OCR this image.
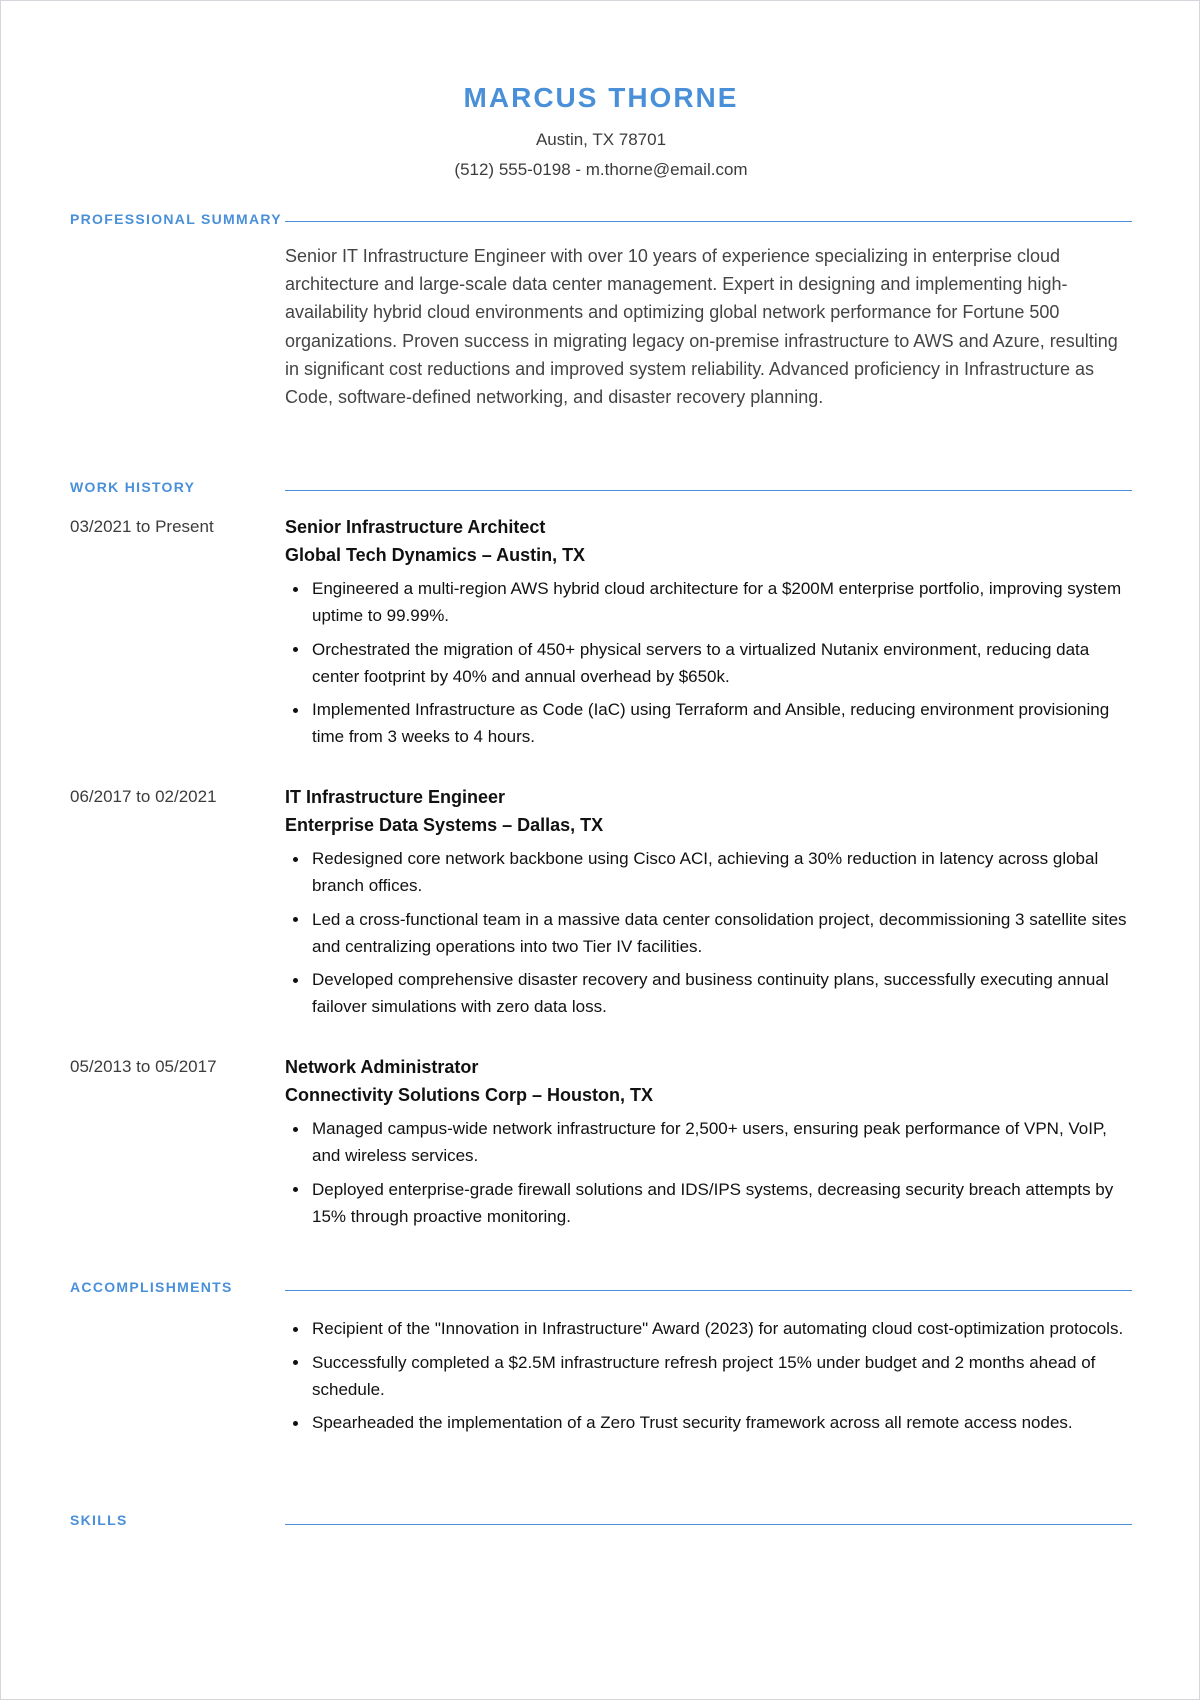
MARCUS THORNE
Austin, TX 78701
(512) 555-0198 - m.thorne@email.com
PROFESSIONAL SUMMARY

Senior IT Infrastructure Engineer with over 10 years of experience specializing in enterprise cloud architecture and large-scale data center management. Expert in designing and implementing high-availability hybrid cloud environments and optimizing global network performance for Fortune 500 organizations. Proven success in migrating legacy on-premise infrastructure to AWS and Azure, resulting in significant cost reductions and improved system reliability. Advanced proficiency in Infrastructure as Code, software-defined networking, and disaster recovery planning.

WORK HISTORY
03/2021 to Present	Senior Infrastructure Architect
Global Tech Dynamics – Austin, TX
Engineered a multi-region AWS hybrid cloud architecture for a $200M enterprise portfolio, improving system uptime to 99.99%.
Orchestrated the migration of 450+ physical servers to a virtualized Nutanix environment, reducing data center footprint by 40% and annual overhead by $650k.
Implemented Infrastructure as Code (IaC) using Terraform and Ansible, reducing environment provisioning time from 3 weeks to 4 hours.
06/2017 to 02/2021	IT Infrastructure Engineer
Enterprise Data Systems – Dallas, TX
Redesigned core network backbone using Cisco ACI, achieving a 30% reduction in latency across global branch offices.
Led a cross-functional team in a massive data center consolidation project, decommissioning 3 satellite sites and centralizing operations into two Tier IV facilities.
Developed comprehensive disaster recovery and business continuity plans, successfully executing annual failover simulations with zero data loss.
05/2013 to 05/2017	Network Administrator
Connectivity Solutions Corp – Houston, TX
Managed campus-wide network infrastructure for 2,500+ users, ensuring peak performance of VPN, VoIP, and wireless services.
Deployed enterprise-grade firewall solutions and IDS/IPS systems, decreasing security breach attempts by 15% through proactive monitoring.
ACCOMPLISHMENTS
Recipient of the "Innovation in Infrastructure" Award (2023) for automating cloud cost-optimization protocols.
Successfully completed a $2.5M infrastructure refresh project 15% under budget and 2 months ahead of schedule.
Spearheaded the implementation of a Zero Trust security framework across all remote access nodes.
SKILLS
